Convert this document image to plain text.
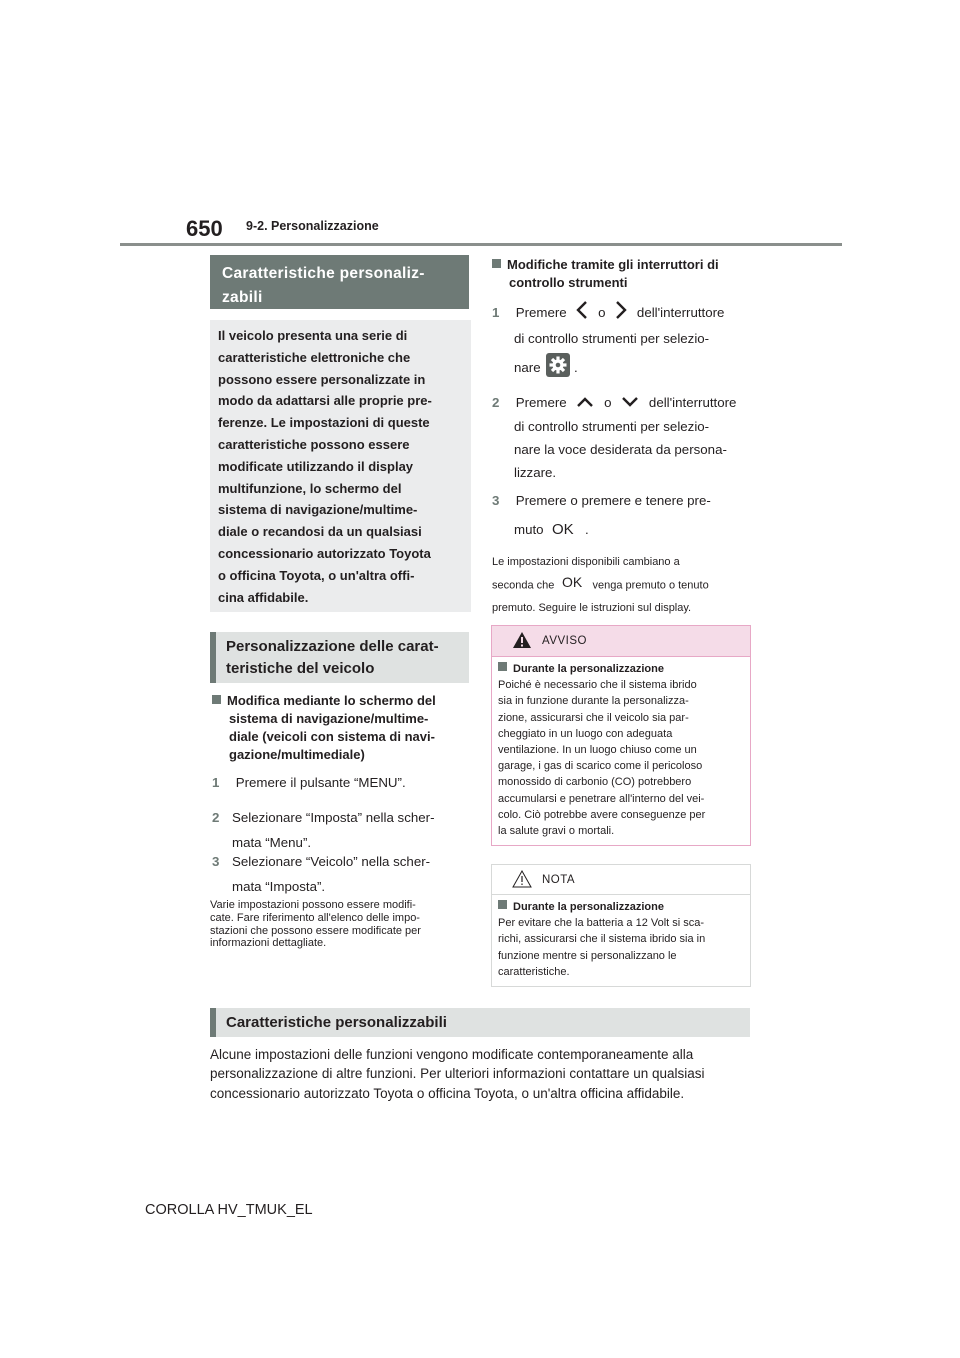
650 9-2. Personalizzazione
Caratteristiche personaliz-
zabili
Il veicolo presenta una serie di
caratteristiche elettroniche che
possono essere personalizzate in
modo da adattarsi alle proprie pre-
ferenze. Le impostazioni di queste
caratteristiche possono essere
modificate utilizzando il display
multifunzione, lo schermo del
sistema di navigazione/multime-
diale o recandosi da un qualsiasi
concessionario autorizzato Toyota
o officina Toyota, o un'altra offi-
cina affidabile.
Personalizzazione delle carat-
teristiche del veicolo
Modifica mediante lo schermo del
sistema di navigazione/multime-
diale (veicoli con sistema di navi-
gazione/multimediale)
1 Premere il pulsante “MENU”.
2 Selezionare “Imposta” nella scher-
mata “Menu”.
3 Selezionare “Veicolo” nella scher-
mata “Imposta”.
Varie impostazioni possono essere modifi-
cate. Fare riferimento all'elenco delle impo-
stazioni che possono essere modificate per
informazioni dettagliate.
Modifiche tramite gli interruttori di
controllo strumenti
1 Premere o dell'interruttore
di controllo strumenti per selezio-
nare	.
2 Premere	o	dell'interruttore
di controllo strumenti per selezio-
nare la voce desiderata da persona-
lizzare.
3 Premere o premere e tenere pre-
muto OK .
Le impostazioni disponibili cambiano a
seconda che OK venga premuto o tenuto
premuto. Seguire le istruzioni sul display.
AVVISO
Durante la personalizzazione
Poiché è necessario che il sistema ibrido
sia in funzione durante la personalizza-
zione, assicurarsi che il veicolo sia par-
cheggiato in un luogo con adeguata
ventilazione. In un luogo chiuso come un
garage, i gas di scarico come il pericoloso
monossido di carbonio (CO) potrebbero
accumularsi e penetrare all'interno del vei-
colo. Ciò potrebbe avere conseguenze per
la salute gravi o mortali.
NOTA
Durante la personalizzazione
Per evitare che la batteria a 12 Volt si sca-
richi, assicurarsi che il sistema ibrido sia in
funzione mentre si personalizzano le
caratteristiche.
Caratteristiche personalizzabili
Alcune impostazioni delle funzioni vengono modificate contemporaneamente alla
personalizzazione di altre funzioni. Per ulteriori informazioni contattare un qualsiasi
concessionario autorizzato Toyota o officina Toyota, o un'altra officina affidabile.
COROLLA HV_TMUK_EL
